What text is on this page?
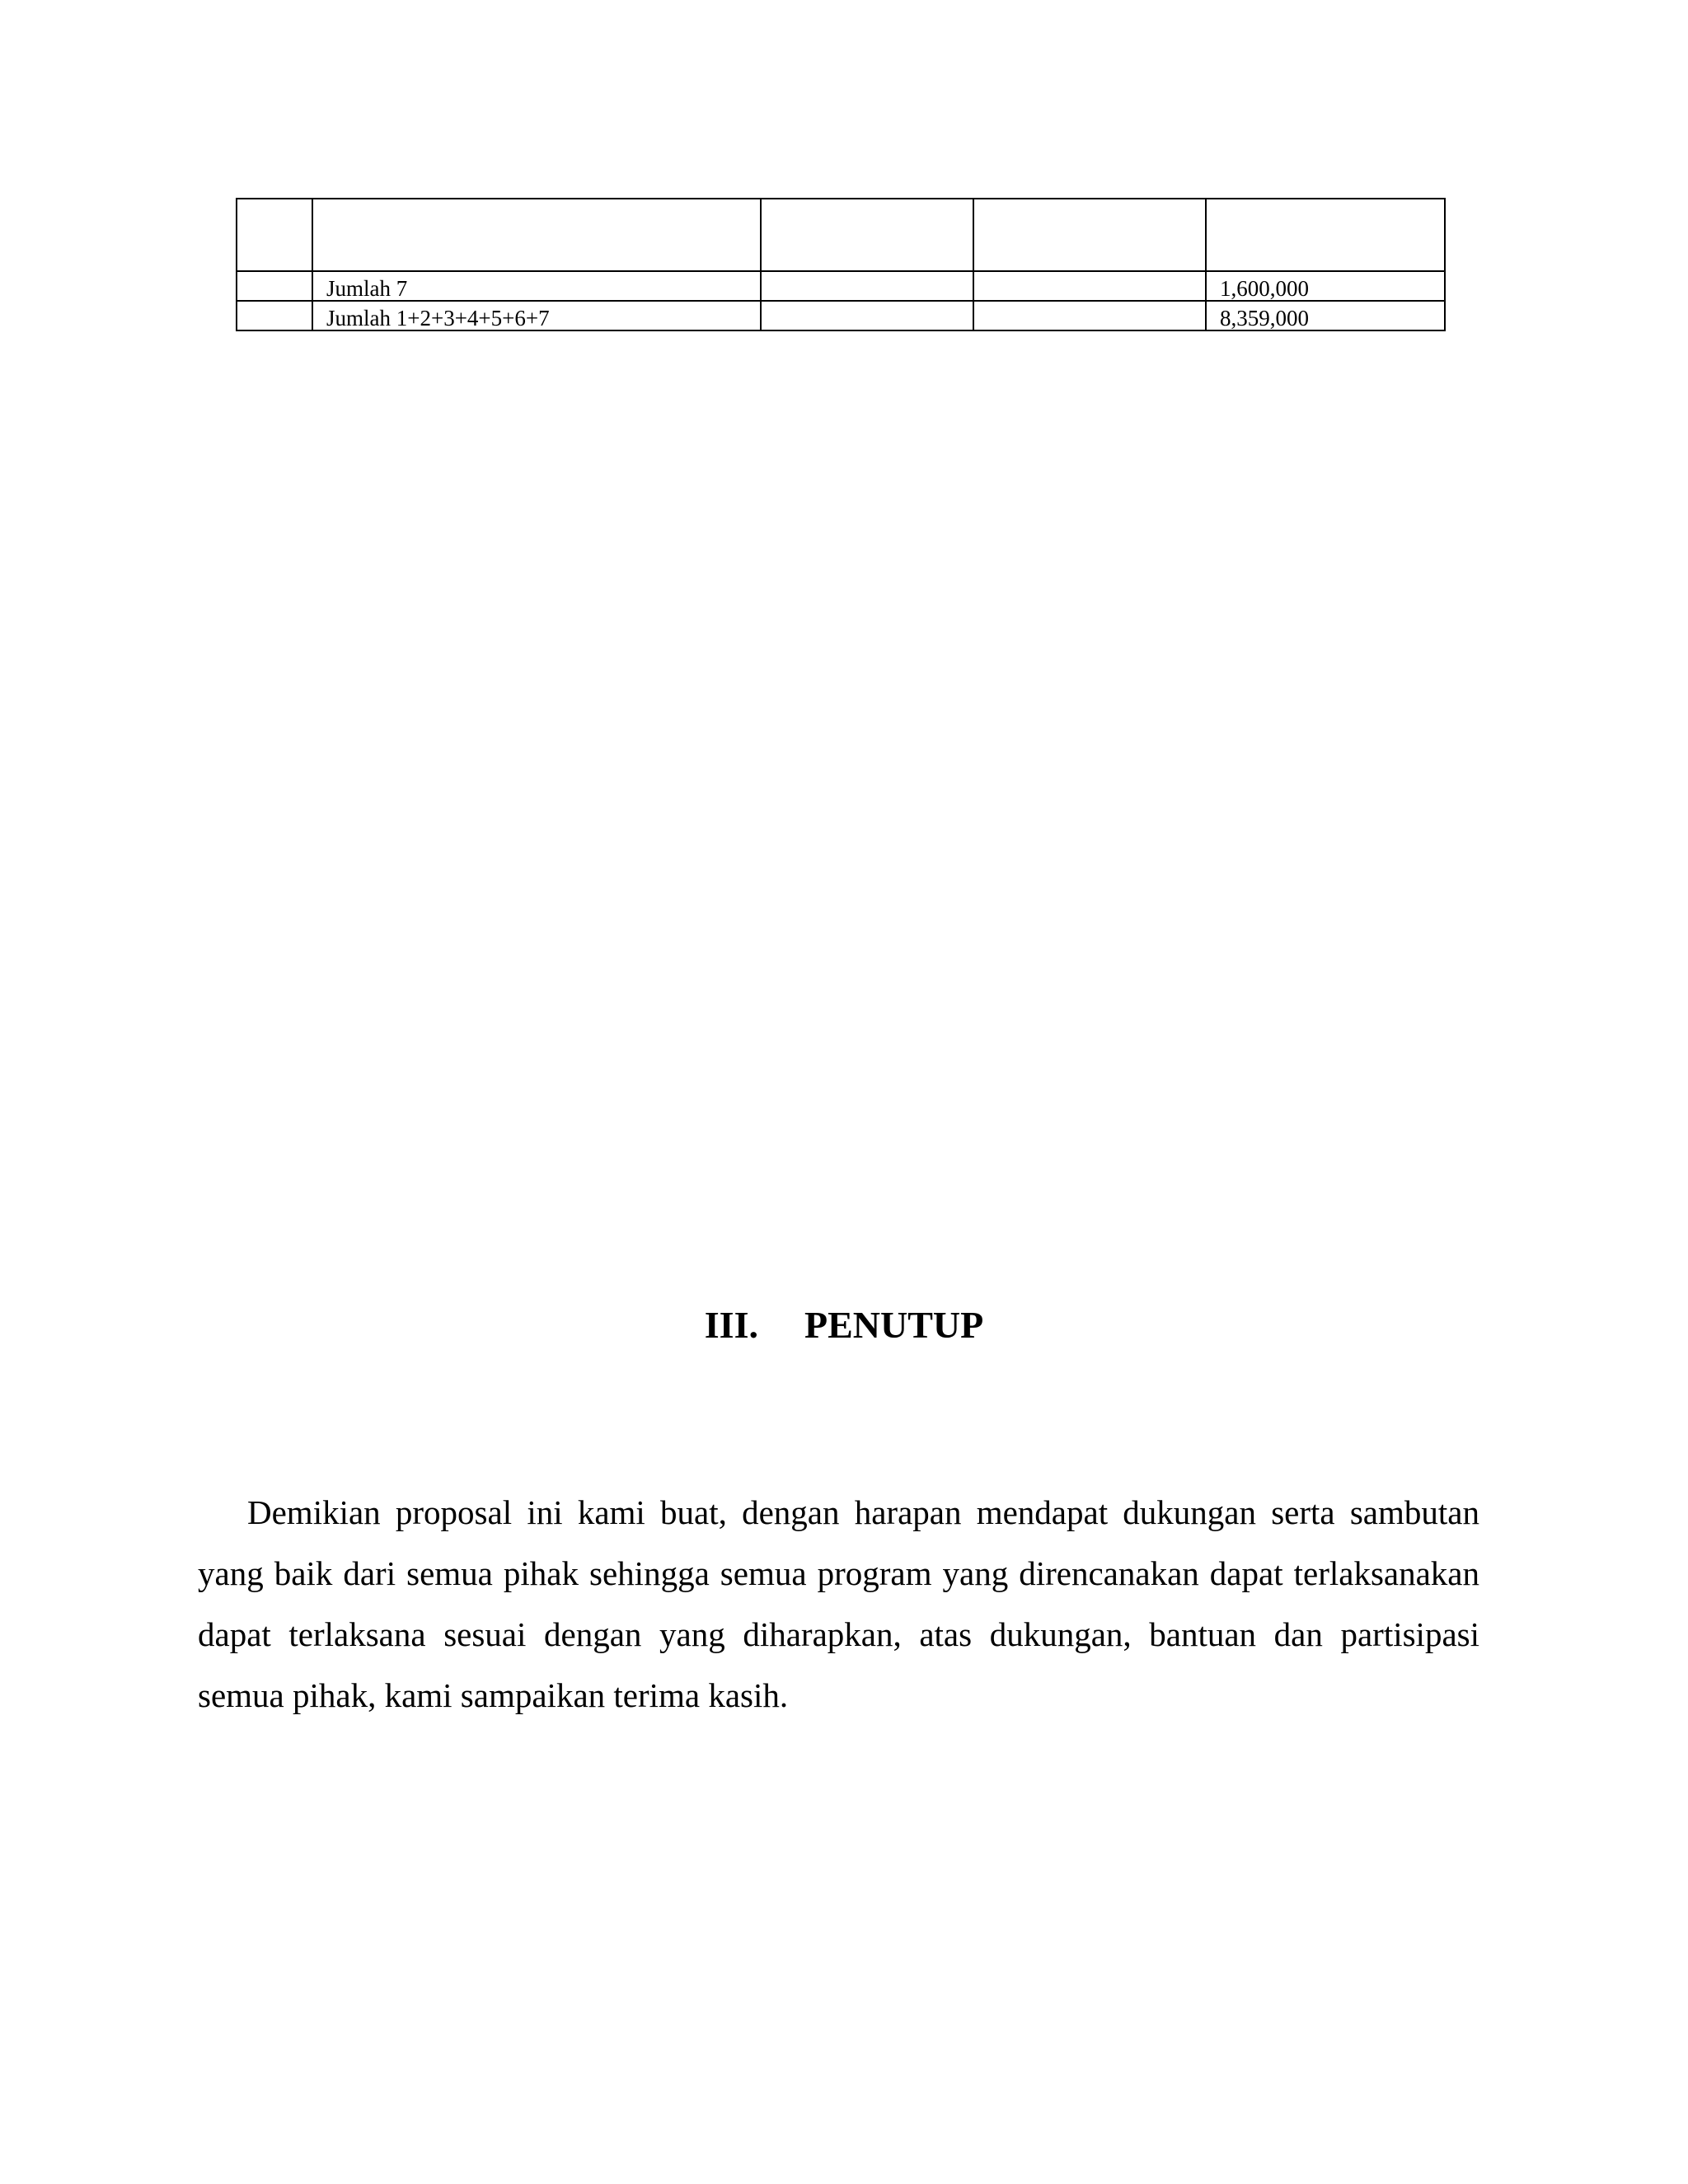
	Jumlah 7			1,600,000
	Jumlah 1+2+3+4+5+6+7			8,359,000
III. PENUTUP

Demikian proposal ini kami buat, dengan harapan mendapat dukungan serta sambutan yang baik dari semua pihak sehingga semua program yang direncanakan dapat terlaksanakan dapat terlaksana sesuai dengan yang diharapkan, atas dukungan, bantuan dan partisipasi semua pihak, kami sampaikan terima kasih.
